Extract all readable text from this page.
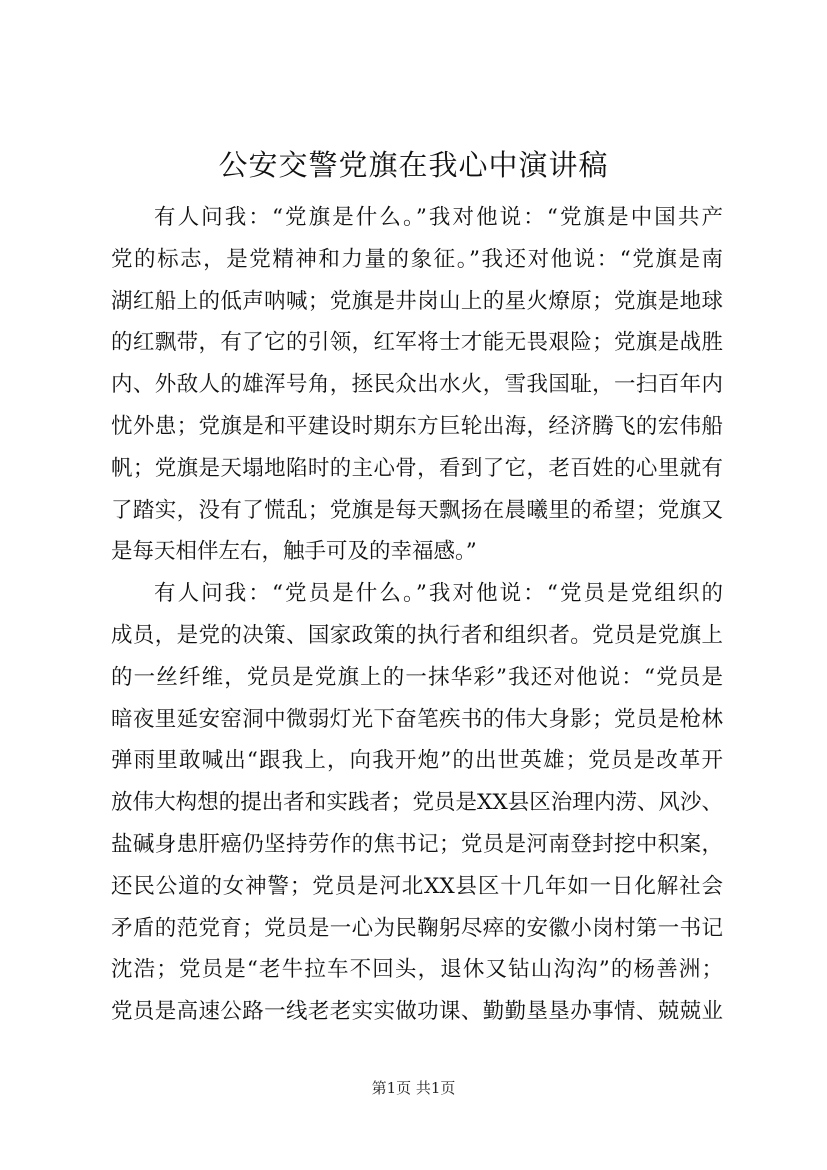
公安交警党旗在我心中演讲稿
有人问我：“党旗是什么。”我对他说：“党旗是中国共产
党的标志，是党精神和力量的象征。”我还对他说：“党旗是南
湖红船上的低声呐喊；党旗是井岗山上的星火燎原；党旗是地球
的红飘带，有了它的引领，红军将士才能无畏艰险；党旗是战胜
内、外敌人的雄浑号角，拯民众出水火，雪我国耻，一扫百年内
忧外患；党旗是和平建设时期东方巨轮出海，经济腾飞的宏伟船
帆；党旗是天塌地陷时的主心骨，看到了它，老百姓的心里就有
了踏实，没有了慌乱；党旗是每天飘扬在晨曦里的希望；党旗又
是每天相伴左右，触手可及的幸福感。”
有人问我：“党员是什么。”我对他说：“党员是党组织的
成员，是党的决策、国家政策的执行者和组织者。党员是党旗上
的一丝纤维，党员是党旗上的一抹华彩”我还对他说：“党员是
暗夜里延安窑洞中微弱灯光下奋笔疾书的伟大身影；党员是枪林
弹雨里敢喊出“跟我上，向我开炮”的出世英雄；党员是改革开
放伟大构想的提出者和实践者；党员是XX县区治理内涝、风沙、
盐碱身患肝癌仍坚持劳作的焦书记；党员是河南登封挖中积案，
还民公道的女神警；党员是河北XX县区十几年如一日化解社会
矛盾的范党育；党员是一心为民鞠躬尽瘁的安徽小岗村第一书记
沈浩；党员是“老牛拉车不回头，退休又钻山沟沟”的杨善洲；
党员是高速公路一线老老实实做功课、勤勤垦垦办事情、兢兢业
第1页 共1页
